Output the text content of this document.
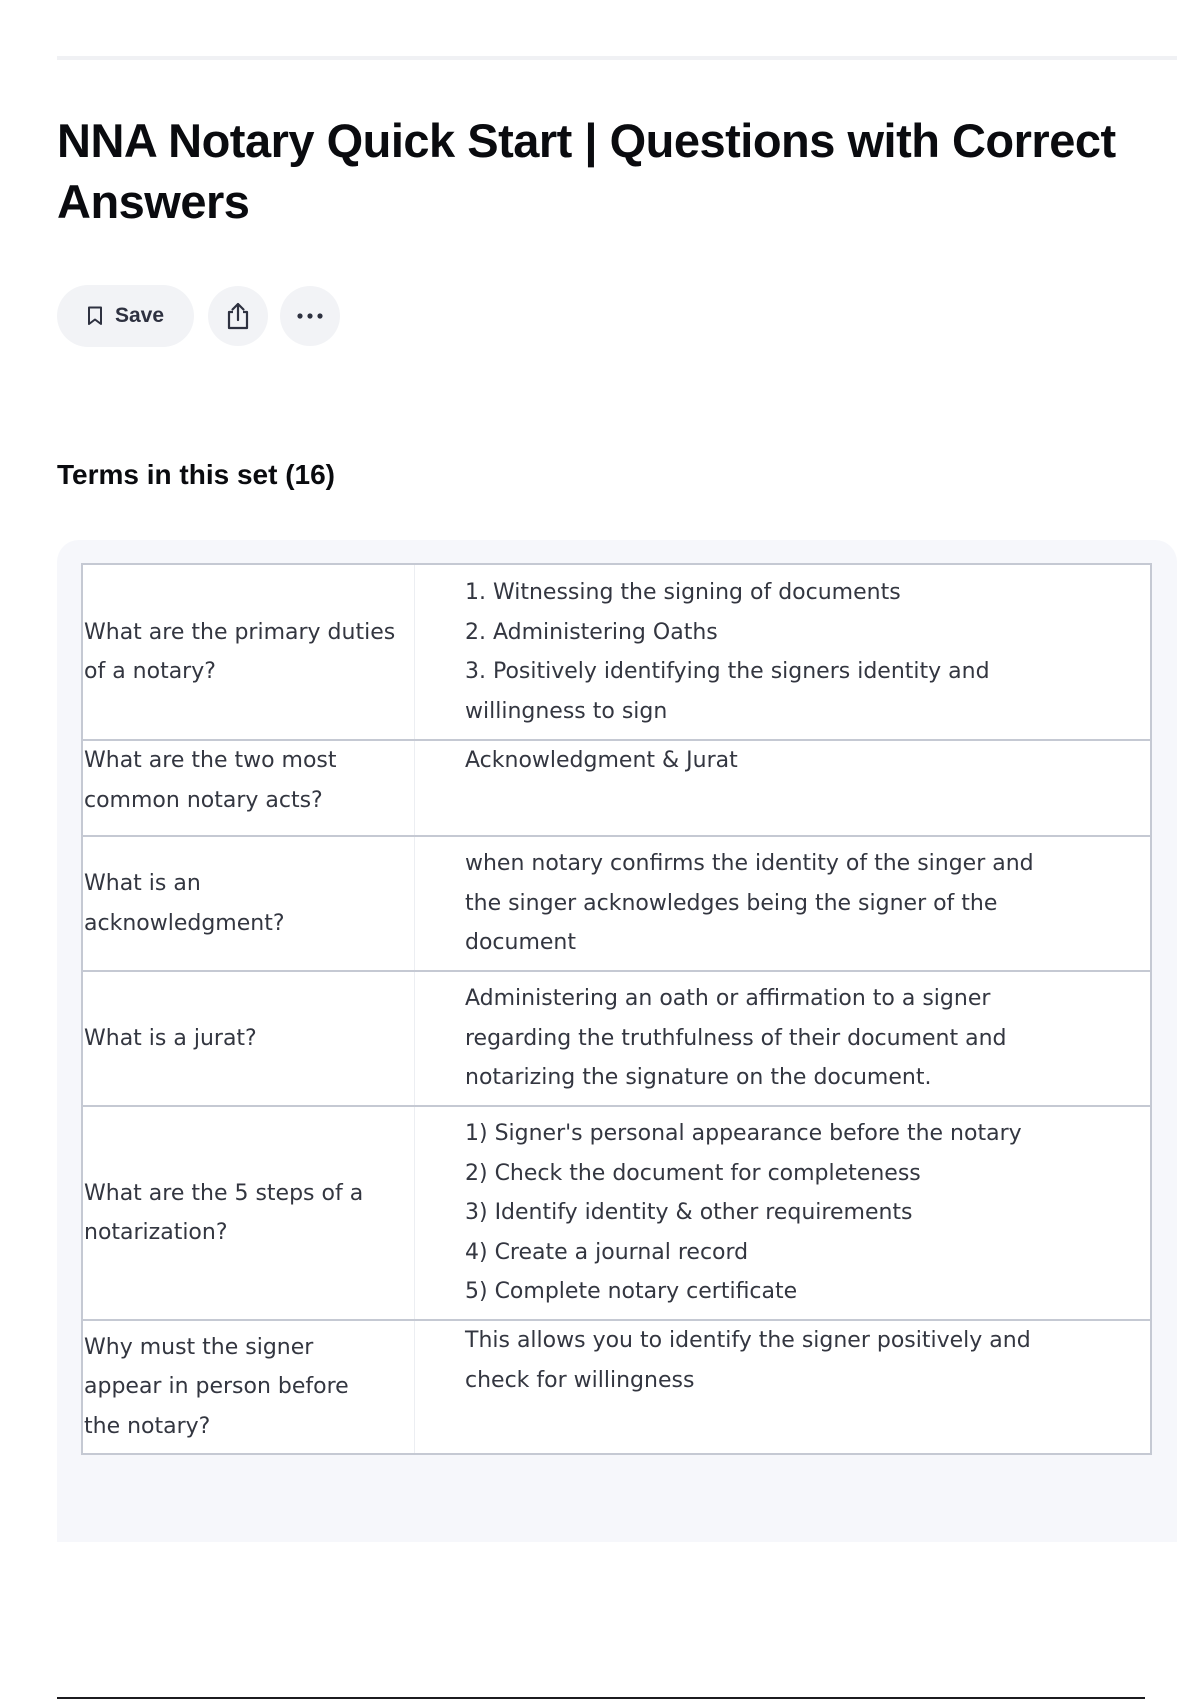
NNA Notary Quick Start | Questions with Correct Answers
Save
Terms in this set (16)
What are the primary duties of a notary?	1. Witnessing the signing of documents
2. Administering Oaths
3. Positively identifying the signers identity and willingness to sign

What are the two most common notary acts?	Acknowledgment & Jurat

What is an acknowledgment?	when notary confirms the identity of the singer and the singer acknowledges being the signer of the document

What is a jurat?	Administering an oath or affirmation to a signer regarding the truthfulness of their document and notarizing the signature on the document.

What are the 5 steps of a notarization?	1) Signer's personal appearance before the notary
2) Check the document for completeness
3) Identify identity & other requirements
4) Create a journal record
5) Complete notary certificate

Why must the signer appear in person before the notary?	This allows you to identify the signer positively and check for willingness
